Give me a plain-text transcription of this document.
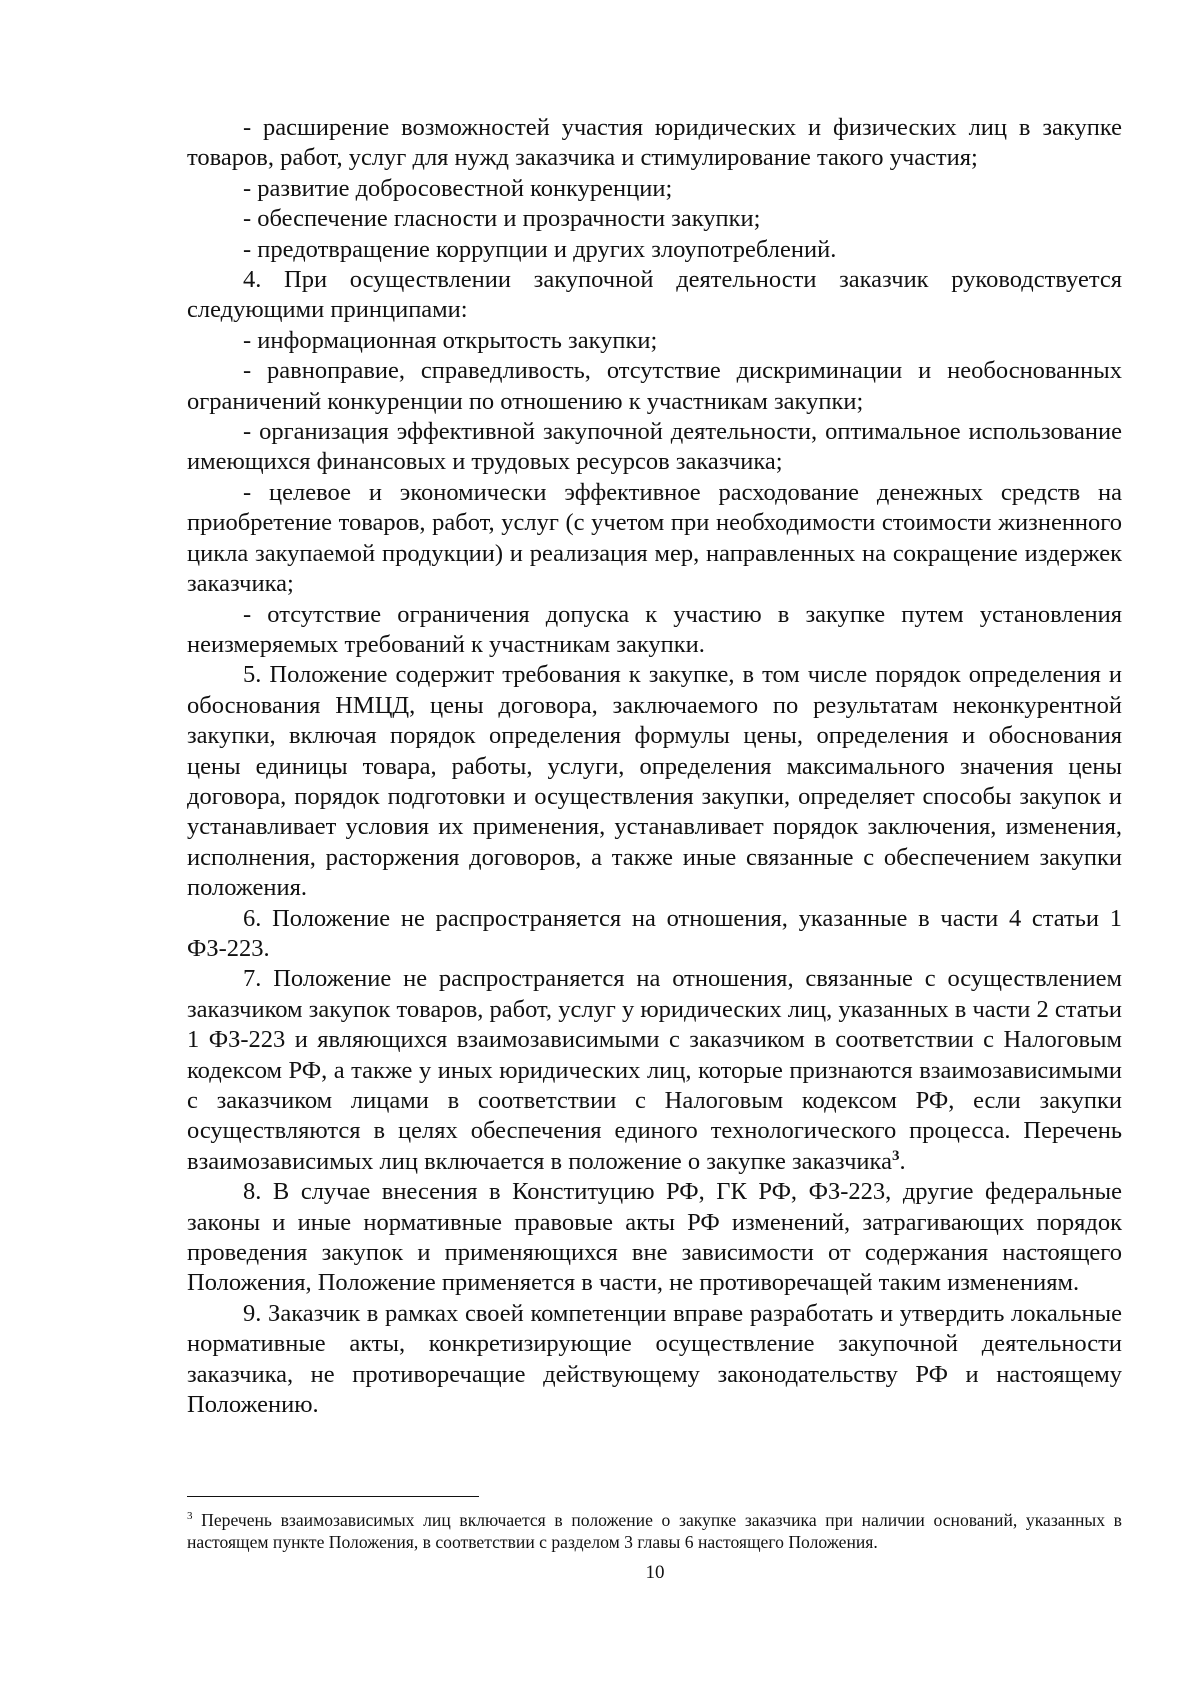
- расширение возможностей участия юридических и физических лиц в закупке товаров, работ, услуг для нужд заказчика и стимулирование такого участия;

- развитие добросовестной конкуренции;

- обеспечение гласности и прозрачности закупки;

- предотвращение коррупции и других злоупотреблений.

4. При осуществлении закупочной деятельности заказчик руководствуется следующими принципами:

- информационная открытость закупки;

- равноправие, справедливость, отсутствие дискриминации и необоснованных ограничений конкуренции по отношению к участникам закупки;

- организация эффективной закупочной деятельности, оптимальное использование имеющихся финансовых и трудовых ресурсов заказчика;

- целевое и экономически эффективное расходование денежных средств на приобретение товаров, работ, услуг (с учетом при необходимости стоимости жизненного цикла закупаемой продукции) и реализация мер, направленных на сокращение издержек заказчика;

- отсутствие ограничения допуска к участию в закупке путем установления неизмеряемых требований к участникам закупки.

5. Положение содержит требования к закупке, в том числе порядок определения и обоснования НМЦД, цены договора, заключаемого по результатам неконкурентной закупки, включая порядок определения формулы цены, определения и обоснования цены единицы товара, работы, услуги, определения максимального значения цены договора, порядок подготовки и осуществления закупки, определяет способы закупок и устанавливает условия их применения, устанавливает порядок заключения, изменения, исполнения, расторжения договоров, а также иные связанные с обеспечением закупки положения.

6. Положение не распространяется на отношения, указанные в части 4 статьи 1 ФЗ-223.

7. Положение не распространяется на отношения, связанные с осуществлением заказчиком закупок товаров, работ, услуг у юридических лиц, указанных в части 2 статьи 1 ФЗ-223 и являющихся взаимозависимыми с заказчиком в соответствии с Налоговым кодексом РФ, а также у иных юридических лиц, которые признаются взаимозависимыми с заказчиком лицами в соответствии с Налоговым кодексом РФ, если закупки осуществляются в целях обеспечения единого технологического процесса. Перечень взаимозависимых лиц включается в положение о закупке заказчика$^3$.

8. В случае внесения в Конституцию РФ, ГК РФ, ФЗ-223, другие федеральные законы и иные нормативные правовые акты РФ изменений, затрагивающих порядок проведения закупок и применяющихся вне зависимости от содержания настоящего Положения, Положение применяется в части, не противоречащей таким изменениям.

9. Заказчик в рамках своей компетенции вправе разработать и утвердить локальные нормативные акты, конкретизирующие осуществление закупочной деятельности заказчика, не противоречащие действующему законодательству РФ и настоящему Положению.

$^3$ Перечень взаимозависимых лиц включается в положение о закупке заказчика при наличии оснований, указанных в настоящем пункте Положения, в соответствии с разделом 3 главы 6 настоящего Положения.

10
